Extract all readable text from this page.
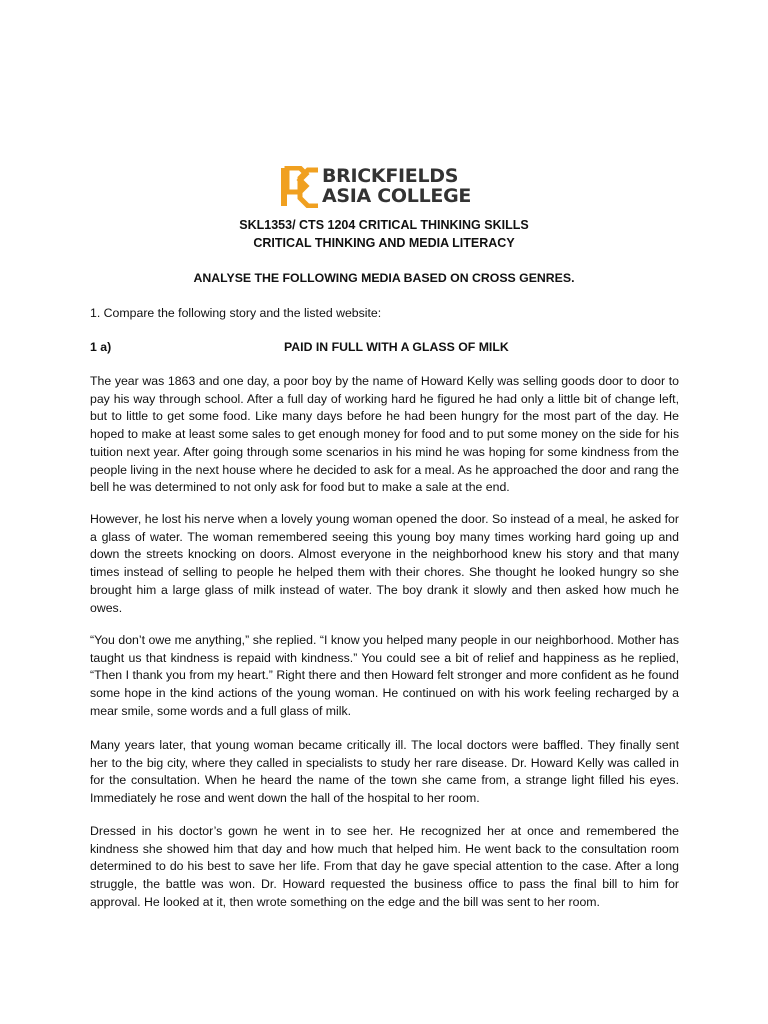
BRICKFIELDS
ASIA COLLEGE
SKL1353/ CTS 1204 CRITICAL THINKING SKILLS
CRITICAL THINKING AND MEDIA LITERACY
ANALYSE THE FOLLOWING MEDIA BASED ON CROSS GENRES.
1. Compare the following story and the listed website:
1 a)	PAID IN FULL WITH A GLASS OF MILK

The year was 1863 and one day, a poor boy by the name of Howard Kelly was selling goods door to door to pay his way through school. After a full day of working hard he figured he had only a little bit of change left, but to little to get some food. Like many days before he had been hungry for the most part of the day. He hoped to make at least some sales to get enough money for food and to put some money on the side for his tuition next year. After going through some scenarios in his mind he was hoping for some kindness from the people living in the next house where he decided to ask for a meal. As he approached the door and rang the bell he was determined to not only ask for food but to make a sale at the end.

However, he lost his nerve when a lovely young woman opened the door. So instead of a meal, he asked for a glass of water. The woman remembered seeing this young boy many times working hard going up and down the streets knocking on doors. Almost everyone in the neighborhood knew his story and that many times instead of selling to people he helped them with their chores. She thought he looked hungry so she brought him a large glass of milk instead of water. The boy drank it slowly and then asked how much he owes.

“You don’t owe me anything,” she replied. “I know you helped many people in our neighborhood. Mother has taught us that kindness is repaid with kindness.” You could see a bit of relief and happiness as he replied, “Then I thank you from my heart.” Right there and then Howard felt stronger and more confident as he found some hope in the kind actions of the young woman. He continued on with his work feeling recharged by a mear smile, some words and a full glass of milk.

Many years later, that young woman became critically ill. The local doctors were baffled. They finally sent her to the big city, where they called in specialists to study her rare disease. Dr. Howard Kelly was called in for the consultation. When he heard the name of the town she came from, a strange light filled his eyes. Immediately he rose and went down the hall of the hospital to her room.

Dressed in his doctor’s gown he went in to see her. He recognized her at once and remembered the kindness she showed him that day and how much that helped him. He went back to the consultation room determined to do his best to save her life. From that day he gave special attention to the case. After a long struggle, the battle was won. Dr. Howard requested the business office to pass the final bill to him for approval. He looked at it, then wrote something on the edge and the bill was sent to her room.
